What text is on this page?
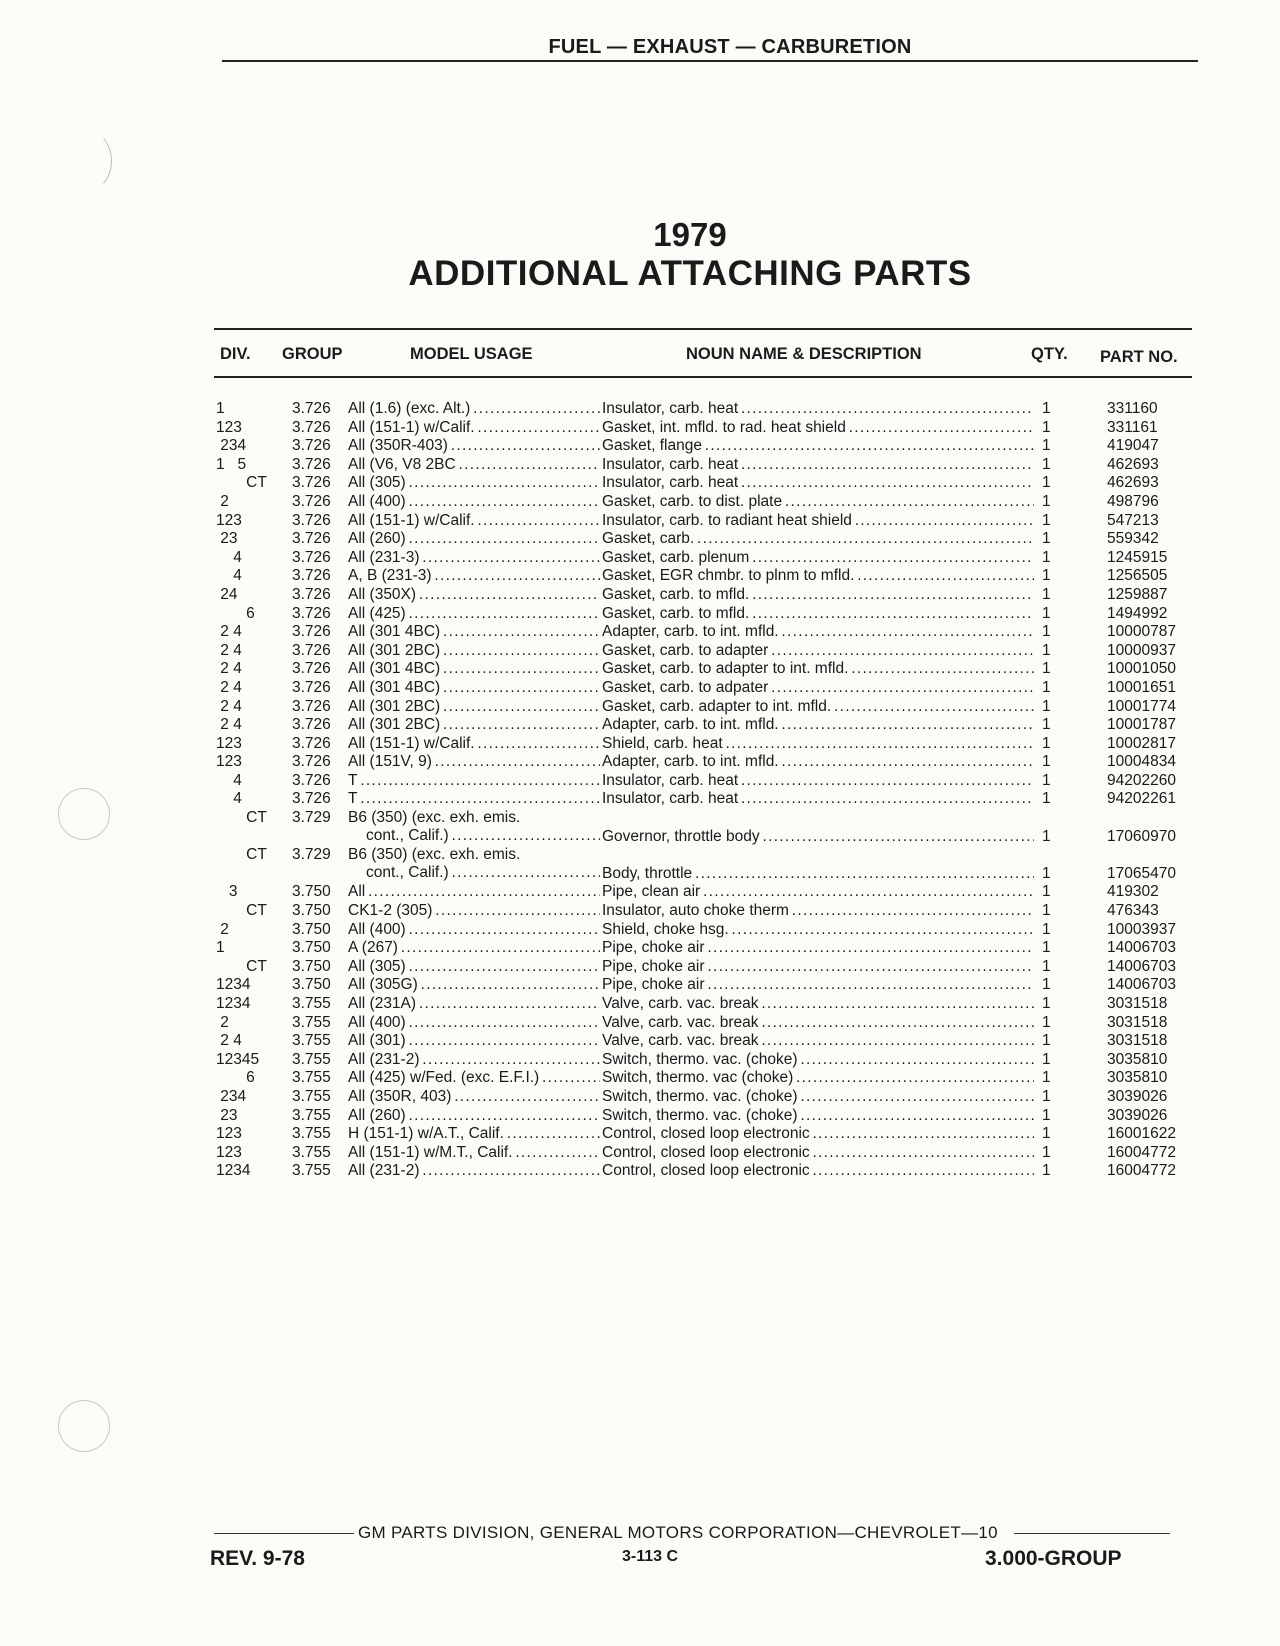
FUEL — EXHAUST — CARBURETION
1979
ADDITIONAL ATTACHING PARTS
DIV. GROUP	MODEL USAGE	NOUN NAME & DESCRIPTION	QTY. PART NO.
1	3.726 All (1.6) (exc. Alt.) . . .	Insulator, carb. heat . . .	1	331160
123	3.726 All (151-1) w/Calif. . . .	Gasket, int. mfld. to rad. heat shield . . .	1	331161
234	3.726 All (350R-403) . . .	Gasket, flange . . .	1	419047
1   5	3.726 All (V6, V8 2BC . . .	Insulator, carb. heat . . .	1	462693
CT	3.726 All (305) . . .	Insulator, carb. heat . . .	1	462693
2	3.726 All (400) . . .	Gasket, carb. to dist. plate . . .	1	498796
123	3.726 All (151-1) w/Calif. . . .	Insulator, carb. to radiant heat shield . . .	1	547213
23	3.726 All (260) . . .	Gasket, carb. . . .	1	559342
4	3.726 All (231-3) . . .	Gasket, carb. plenum . . .	1	1245915
4	3.726 A, B (231-3) . . .	Gasket, EGR chmbr. to plnm to mfld. . . .	1	1256505
24	3.726 All (350X) . . .	Gasket, carb. to mfld. . . .	1	1259887
6	3.726 All (425) . . .	Gasket, carb. to mfld. . . .	1	1494992
2 4	3.726 All (301 4BC) . . .	Adapter, carb. to int. mfld. . . .	1	10000787
2 4	3.726 All (301 2BC) . . .	Gasket, carb. to adapter . . .	1	10000937
2 4	3.726 All (301 4BC) . . .	Gasket, carb. to adapter to int. mfld. . . .	1	10001050
2 4	3.726 All (301 4BC) . . .	Gasket, carb. to adpater . . .	1	10001651
2 4	3.726 All (301 2BC) . . .	Gasket, carb. adapter to int. mfld. . . .	1	10001774
2 4	3.726 All (301 2BC) . . .	Adapter, carb. to int. mfld. . . .	1	10001787
123	3.726 All (151-1) w/Calif. . . .	Shield, carb. heat . . .	1	10002817
123	3.726 All (151V, 9) . . .	Adapter, carb. to int. mfld. . . .	1	10004834
4	3.726 T . . .	Insulator, carb. heat . . .	1	94202260
4	3.726 T . . .	Insulator, carb. heat . . .	1	94202261
CT	3.729 B6 (350) (exc. exh. emis.
cont., Calif.) . . .	Governor, throttle body . . .	1	17060970
CT	3.729 B6 (350) (exc. exh. emis.
cont., Calif.) . . .	Body, throttle . . .	1	17065470
3	3.750 All . . .	Pipe, clean air . . .	1	419302
CT	3.750 CK1-2 (305) . . .	Insulator, auto choke therm . . .	1	476343
2	3.750 All (400) . . .	Shield, choke hsg. . . .	1	10003937
1	3.750 A (267) . . .	Pipe, choke air . . .	1	14006703
CT	3.750 All (305) . . .	Pipe, choke air . . .	1	14006703
1234	3.750 All (305G) . . .	Pipe, choke air . . .	1	14006703
1234	3.755 All (231A) . . .	Valve, carb. vac. break . . .	1	3031518
2	3.755 All (400) . . .	Valve, carb. vac. break . . .	1	3031518
2 4	3.755 All (301) . . .	Valve, carb. vac. break . . .	1	3031518
12345	3.755 All (231-2) . . .	Switch, thermo. vac. (choke) . . .	1	3035810
6	3.755 All (425) w/Fed. (exc. E.F.I.) . . .	Switch, thermo. vac (choke) . . .	1	3035810
234	3.755 All (350R, 403) . . .	Switch, thermo. vac. (choke) . . .	1	3039026
23	3.755 All (260) . . .	Switch, thermo. vac. (choke) . . .	1	3039026
123	3.755 H (151-1) w/A.T., Calif. . . .	Control, closed loop electronic . . .	1	16001622
123	3.755 All (151-1) w/M.T., Calif. . . .	Control, closed loop electronic . . .	1	16004772
1234	3.755 All (231-2) . . .	Control, closed loop electronic . . .	1	16004772
GM PARTS DIVISION, GENERAL MOTORS CORPORATION—CHEVROLET—10
REV. 9-78	3-113 C	3.000-GROUP
